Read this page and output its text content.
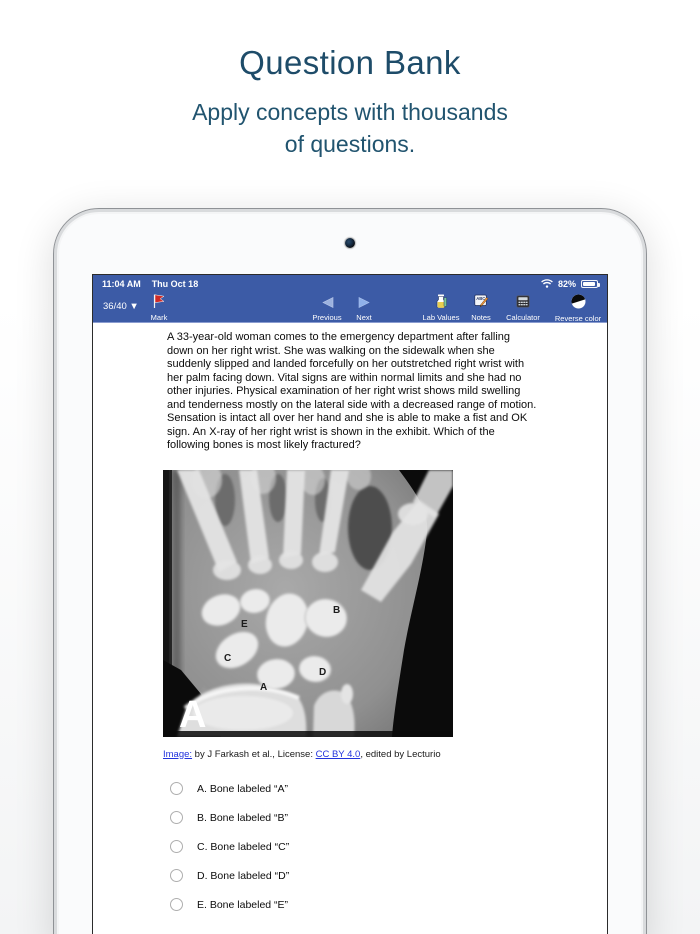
Question Bank
Apply concepts with thousands
of questions.
11:04 AM Thu Oct 18	82%
36/40 ▼
Mark	Previous Next	Lab Values
ABC
Notes Calculator Reverse color
A 33-year-old woman comes to the emergency department after falling down on her right wrist. She was walking on the sidewalk when she suddenly slipped and landed forcefully on her outstretched right wrist with her palm facing down. Vital signs are within normal limits and she had no other injuries. Physical examination of her right wrist shows mild swelling and tenderness mostly on the lateral side with a decreased range of motion. Sensation is intact all over her hand and she is able to make a fist and OK sign. An X-ray of her right wrist is shown in the exhibit. Which of the following bones is most likely fractured?
E
B
C
D
A
A
Image: by J Farkash et al., License: CC BY 4.0, edited by Lecturio
A. Bone labeled “A”
B. Bone labeled “B”
C. Bone labeled “C”
D. Bone labeled “D”
E. Bone labeled “E”
